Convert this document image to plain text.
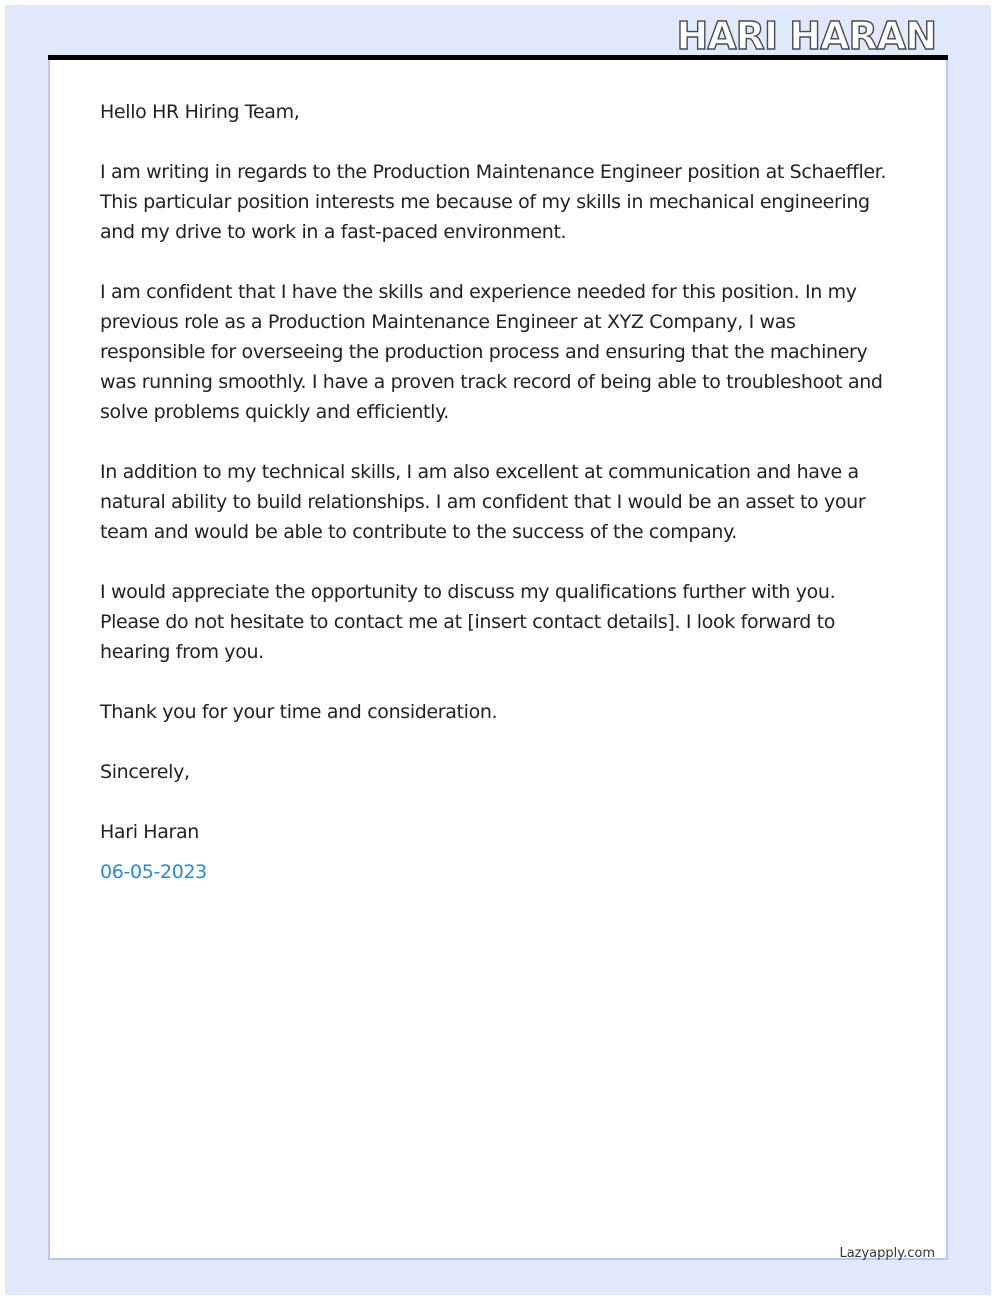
HARI HARAN

Hello HR Hiring Team,

I am writing in regards to the Production Maintenance Engineer position at Schaeffler. This particular position interests me because of my skills in mechanical engineering and my drive to work in a fast-paced environment.

I am confident that I have the skills and experience needed for this position. In my previous role as a Production Maintenance Engineer at XYZ Company, I was responsible for overseeing the production process and ensuring that the machinery was running smoothly. I have a proven track record of being able to troubleshoot and solve problems quickly and efficiently.

In addition to my technical skills, I am also excellent at communication and have a natural ability to build relationships. I am confident that I would be an asset to your team and would be able to contribute to the success of the company.

I would appreciate the opportunity to discuss my qualifications further with you. Please do not hesitate to contact me at [insert contact details]. I look forward to hearing from you.

Thank you for your time and consideration.

Sincerely,

Hari Haran

06-05-2023

Lazyapply.com
